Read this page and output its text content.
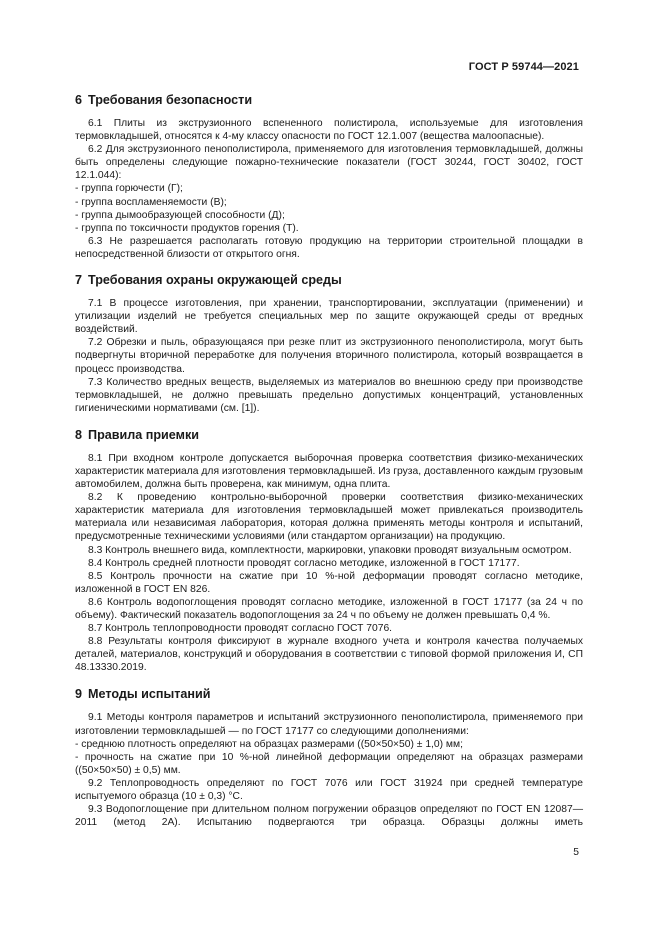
ГОСТ Р 59744—2021
6 Требования безопасности

6.1 Плиты из экструзионного вспененного полистирола, используемые для изготовления термовкладышей, относятся к 4-му классу опасности по ГОСТ 12.1.007 (вещества малоопасные).

6.2 Для экструзионного пенополистирола, применяемого для изготовления термовкладышей, должны быть определены следующие пожарно-технические показатели (ГОСТ 30244, ГОСТ 30402, ГОСТ 12.1.044):

- группа горючести (Г);

- группа воспламеняемости (В);

- группа дымообразующей способности (Д);

- группа по токсичности продуктов горения (Т).

6.3 Не разрешается располагать готовую продукцию на территории строительной площадки в непосредственной близости от открытого огня.

7 Требования охраны окружающей среды

7.1 В процессе изготовления, при хранении, транспортировании, эксплуатации (применении) и утилизации изделий не требуется специальных мер по защите окружающей среды от вредных воздействий.

7.2 Обрезки и пыль, образующаяся при резке плит из экструзионного пенополистирола, могут быть подвергнуты вторичной переработке для получения вторичного полистирола, который возвращается в процесс производства.

7.3 Количество вредных веществ, выделяемых из материалов во внешнюю среду при производстве термовкладышей, не должно превышать предельно допустимых концентраций, установленных гигиеническими нормативами (см. [1]).

8 Правила приемки

8.1 При входном контроле допускается выборочная проверка соответствия физико-механических характеристик материала для изготовления термовкладышей. Из груза, доставленного каждым грузовым автомобилем, должна быть проверена, как минимум, одна плита.

8.2 К проведению контрольно-выборочной проверки соответствия физико-механических характеристик материала для изготовления термовкладышей может привлекаться производитель материала или независимая лаборатория, которая должна применять методы контроля и испытаний, предусмотренные техническими условиями (или стандартом организации) на продукцию.

8.3 Контроль внешнего вида, комплектности, маркировки, упаковки проводят визуальным осмотром.

8.4 Контроль средней плотности проводят согласно методике, изложенной в ГОСТ 17177.

8.5 Контроль прочности на сжатие при 10 %-ной деформации проводят согласно методике, изложенной в ГОСТ EN 826.

8.6 Контроль водопоглощения проводят согласно методике, изложенной в ГОСТ 17177 (за 24 ч по объему). Фактический показатель водопоглощения за 24 ч по объему не должен превышать 0,4 %.

8.7 Контроль теплопроводности проводят согласно ГОСТ 7076.

8.8 Результаты контроля фиксируют в журнале входного учета и контроля качества получаемых деталей, материалов, конструкций и оборудования в соответствии с типовой формой приложения И, СП 48.13330.2019.

9 Методы испытаний

9.1 Методы контроля параметров и испытаний экструзионного пенополистирола, применяемого при изготовлении термовкладышей — по ГОСТ 17177 со следующими дополнениями:

- среднюю плотность определяют на образцах размерами ((50×50×50) ± 1,0) мм;

- прочность на сжатие при 10 %-ной линейной деформации определяют на образцах размерами ((50×50×50) ± 0,5) мм.

9.2 Теплопроводность определяют по ГОСТ 7076 или ГОСТ 31924 при средней температуре испытуемого образца (10 ± 0,3) °С.

9.3 Водопоглощение при длительном полном погружении образцов определяют по ГОСТ EN 12087—2011 (метод 2А). Испытанию подвергаются три образца. Образцы должны иметь

5
